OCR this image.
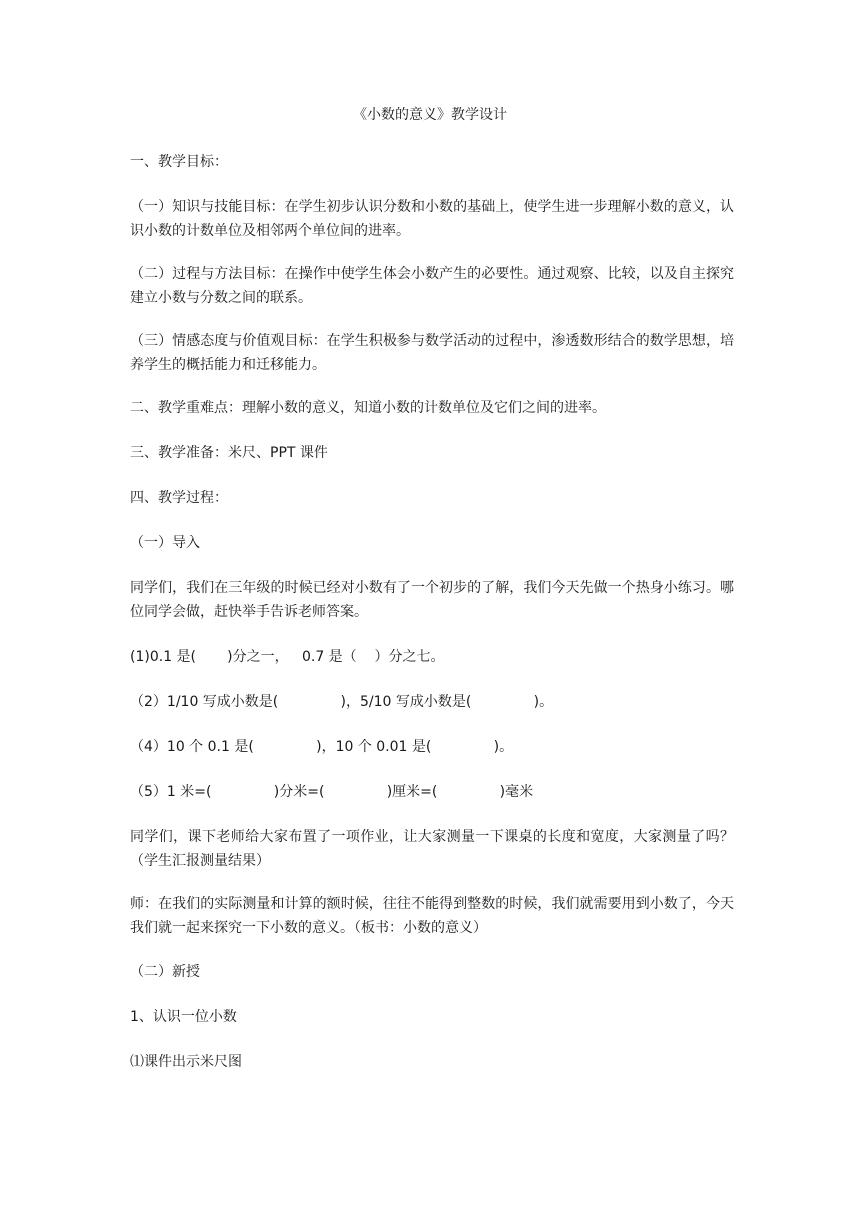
《小数的意义》教学设计

一、教学目标：

（一）知识与技能目标：在学生初步认识分数和小数的基础上，使学生进一步理解小数的意义，认识小数的计数单位及相邻两个单位间的进率。

（二）过程与方法目标：在操作中使学生体会小数产生的必要性。通过观察、比较，以及自主探究建立小数与分数之间的联系。

（三）情感态度与价值观目标：在学生积极参与数学活动的过程中，渗透数形结合的数学思想，培养学生的概括能力和迁移能力。

二、教学重难点：理解小数的意义，知道小数的计数单位及它们之间的进率。

三、教学准备：米尺、PPT 课件

四、教学过程：

（一）导入

同学们，我们在三年级的时候已经对小数有了一个初步的了解，我们今天先做一个热身小练习。哪位同学会做，赶快举手告诉老师答案。

(1)0.1 是(       )分之一，   0.7 是（    ）分之七。

（2）1/10 写成小数是(              )，5/10 写成小数是(              )。

（4）10 个 0.1 是(              )，10 个 0.01 是(              )。

（5）1 米=(              )分米=(              )厘米=(              )毫米

同学们，课下老师给大家布置了一项作业，让大家测量一下课桌的长度和宽度，大家测量了吗？（学生汇报测量结果）

师：在我们的实际测量和计算的额时候，往往不能得到整数的时候，我们就需要用到小数了，今天我们就一起来探究一下小数的意义。（板书：小数的意义）

（二）新授

1、认识一位小数

⑴课件出示米尺图
